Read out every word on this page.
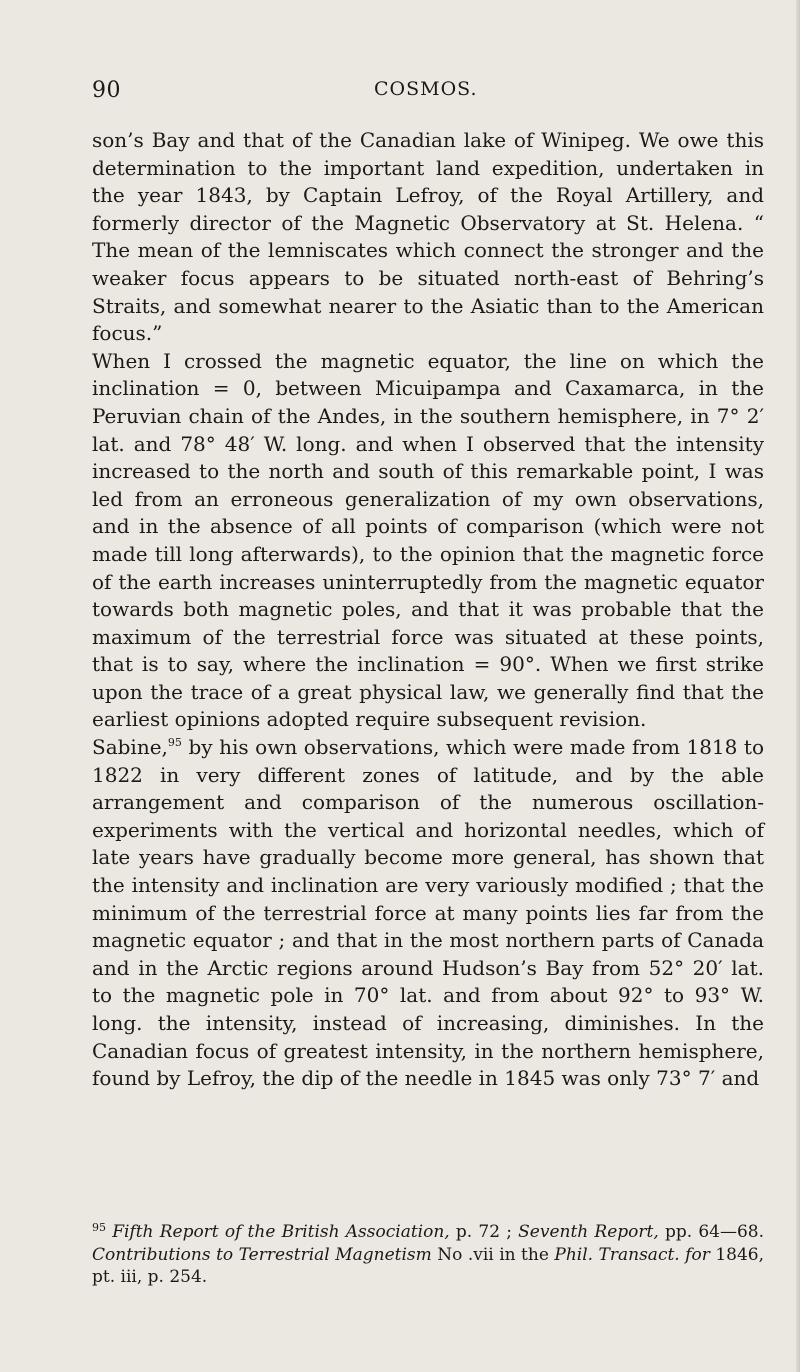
90	COSMOS.

son’s Bay and that of the Canadian lake of Winipeg. We owe this determination to the important land expedition, undertaken in the year 1843, by Captain Lefroy, of the Royal Artillery, and formerly director of the Magnetic Observatory at St. Helena. “ The mean of the lemniscates which connect the stronger and the weaker focus appears to be situated north-east of Behring’s Straits, and somewhat nearer to the Asiatic than to the American focus.”

When I crossed the magnetic equator, the line on which the inclination = 0, between Micuipampa and Caxamarca, in the Peruvian chain of the Andes, in the southern hemisphere, in 7° 2′ lat. and 78° 48′ W. long. and when I observed that the intensity increased to the north and south of this remarkable point, I was led from an erroneous generalization of my own observations, and in the absence of all points of comparison (which were not made till long afterwards), to the opinion that the magnetic force of the earth increases uninterruptedly from the magnetic equator towards both magnetic poles, and that it was probable that the maximum of the terrestrial force was situated at these points, that is to say, where the inclination = 90°. When we first strike upon the trace of a great physical law, we generally find that the earliest opinions adopted require subsequent revision.

Sabine,$^{95}$ by his own observations, which were made from 1818 to 1822 in very different zones of latitude, and by the able arrangement and comparison of the numerous oscillation-experiments with the vertical and horizontal needles, which of late years have gradually become more general, has shown that the intensity and inclination are very variously modified ; that the minimum of the terrestrial force at many points lies far from the magnetic equator ; and that in the most northern parts of Canada and in the Arctic regions around Hudson’s Bay from 52° 20′ lat. to the magnetic pole in 70° lat. and from about 92° to 93° W. long. the intensity, instead of increasing, diminishes. In the Canadian focus of greatest intensity, in the northern hemisphere, found by Lefroy, the dip of the needle in 1845 was only 73° 7′ and

$^{95}$ Fifth Report of the British Association, p. 72 ; Seventh Report, pp. 64—68. Contributions to Terrestrial Magnetism No .vii in the Phil. Transact. for 1846, pt. iii, p. 254.
